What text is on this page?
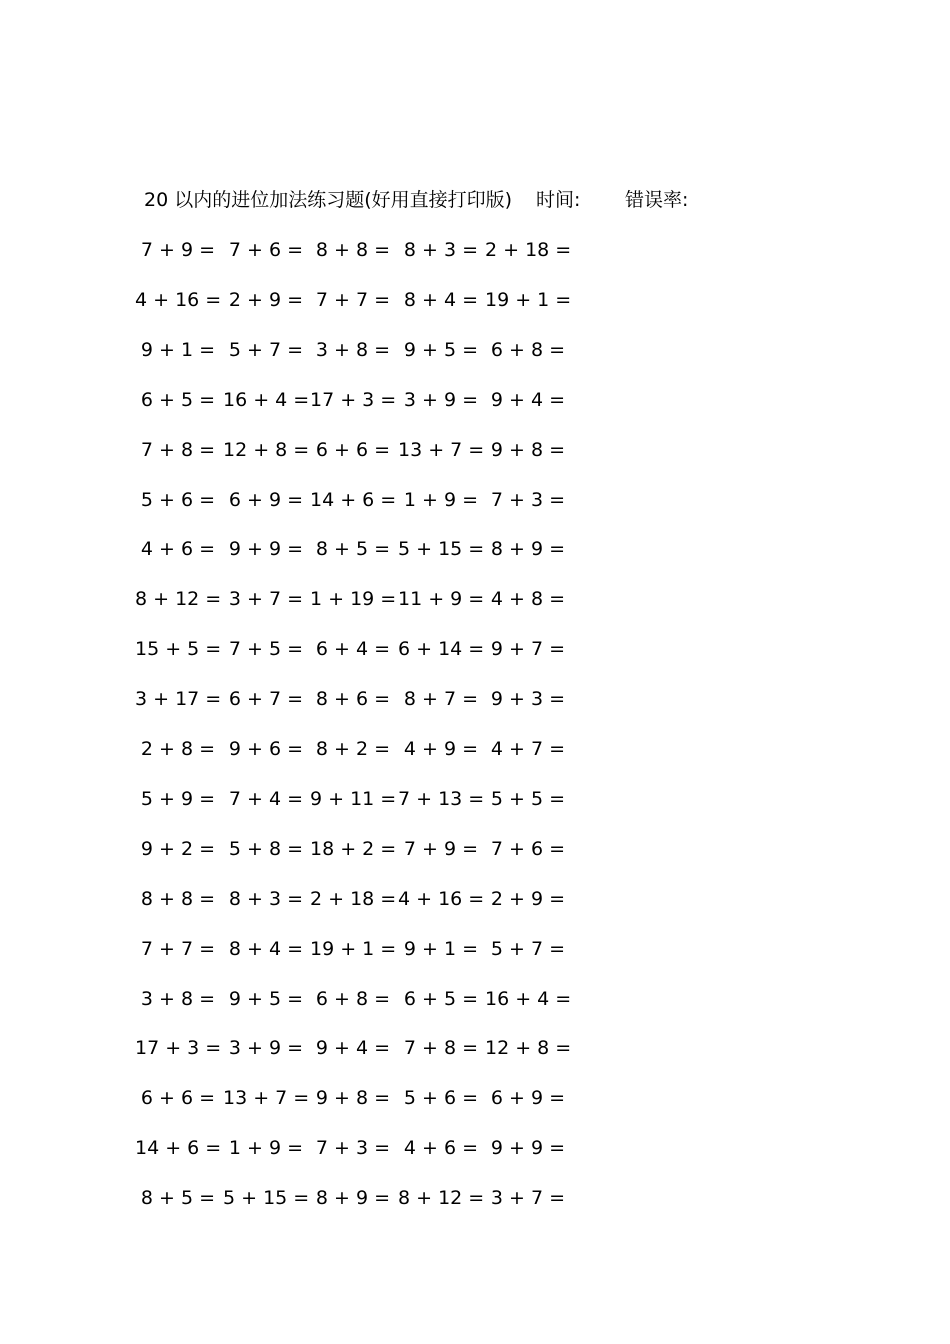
20 以内的进位加法练习题(好用直接打印版) 时间: 错误率:
7 + 9 = 7 + 6 = 8 + 8 = 8 + 3 = 2 + 18 =
4 + 16 = 2 + 9 = 7 + 7 = 8 + 4 = 19 + 1 =
9 + 1 = 5 + 7 = 3 + 8 = 9 + 5 = 6 + 8 =
6 + 5 = 16 + 4 = 17 + 3 = 3 + 9 = 9 + 4 =
7 + 8 = 12 + 8 = 6 + 6 = 13 + 7 = 9 + 8 =
5 + 6 = 6 + 9 = 14 + 6 = 1 + 9 = 7 + 3 =
4 + 6 = 9 + 9 = 8 + 5 = 5 + 15 = 8 + 9 =
8 + 12 = 3 + 7 = 1 + 19 = 11 + 9 = 4 + 8 =
15 + 5 = 7 + 5 = 6 + 4 = 6 + 14 = 9 + 7 =
3 + 17 = 6 + 7 = 8 + 6 = 8 + 7 = 9 + 3 =
2 + 8 = 9 + 6 = 8 + 2 = 4 + 9 = 4 + 7 =
5 + 9 = 7 + 4 = 9 + 11 = 7 + 13 = 5 + 5 =
9 + 2 = 5 + 8 = 18 + 2 = 7 + 9 = 7 + 6 =
8 + 8 = 8 + 3 = 2 + 18 = 4 + 16 = 2 + 9 =
7 + 7 = 8 + 4 = 19 + 1 = 9 + 1 = 5 + 7 =
3 + 8 = 9 + 5 = 6 + 8 = 6 + 5 = 16 + 4 =
17 + 3 = 3 + 9 = 9 + 4 = 7 + 8 = 12 + 8 =
6 + 6 = 13 + 7 = 9 + 8 = 5 + 6 = 6 + 9 =
14 + 6 = 1 + 9 = 7 + 3 = 4 + 6 = 9 + 9 =
8 + 5 = 5 + 15 = 8 + 9 = 8 + 12 = 3 + 7 =
